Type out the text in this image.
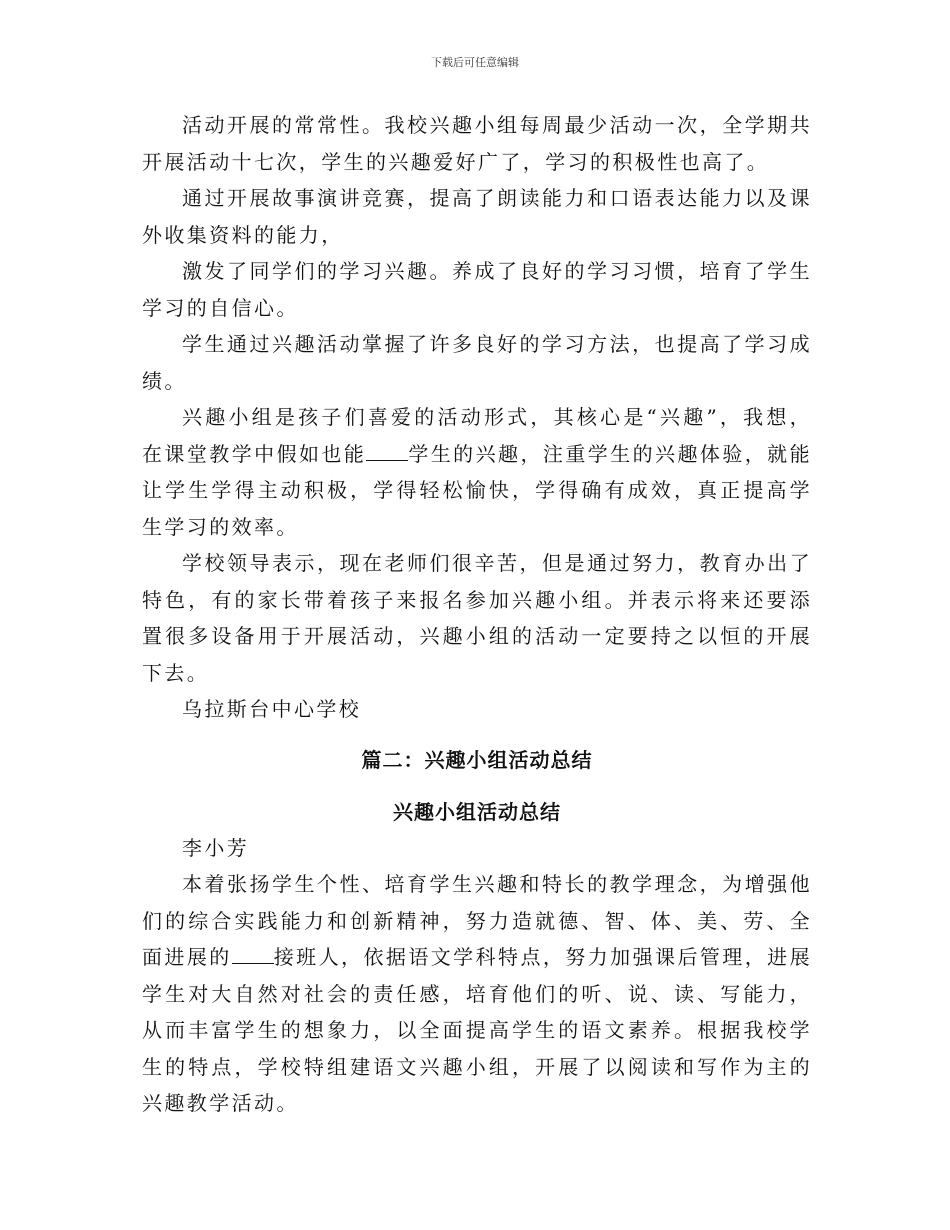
下载后可任意编辑

活动开展的常常性。我校兴趣小组每周最少活动一次，全学期共开展活动十七次，学生的兴趣爱好广了，学习的积极性也高了。

通过开展故事演讲竞赛，提高了朗读能力和口语表达能力以及课外收集资料的能力，

激发了同学们的学习兴趣。养成了良好的学习习惯，培育了学生学习的自信心。

学生通过兴趣活动掌握了许多良好的学习方法，也提高了学习成绩。

兴趣小组是孩子们喜爱的活动形式，其核心是“兴趣”，我想，在课堂教学中假如也能 学生的兴趣，注重学生的兴趣体验，就能让学生学得主动积极，学得轻松愉快，学得确有成效，真正提高学生学习的效率。

学校领导表示，现在老师们很辛苦，但是通过努力，教育办出了特色，有的家长带着孩子来报名参加兴趣小组。并表示将来还要添置很多设备用于开展活动，兴趣小组的活动一定要持之以恒的开展下去。

乌拉斯台中心学校

篇二：兴趣小组活动总结

兴趣小组活动总结

李小芳

本着张扬学生个性、培育学生兴趣和特长的教学理念，为增强他们的综合实践能力和创新精神，努力造就德、智、体、美、劳、全面进展的 接班人，依据语文学科特点，努力加强课后管理，进展学生对大自然对社会的责任感，培育他们的听、说、读、写能力，从而丰富学生的想象力，以全面提高学生的语文素养。根据我校学生的特点，学校特组建语文兴趣小组，开展了以阅读和写作为主的兴趣教学活动。
